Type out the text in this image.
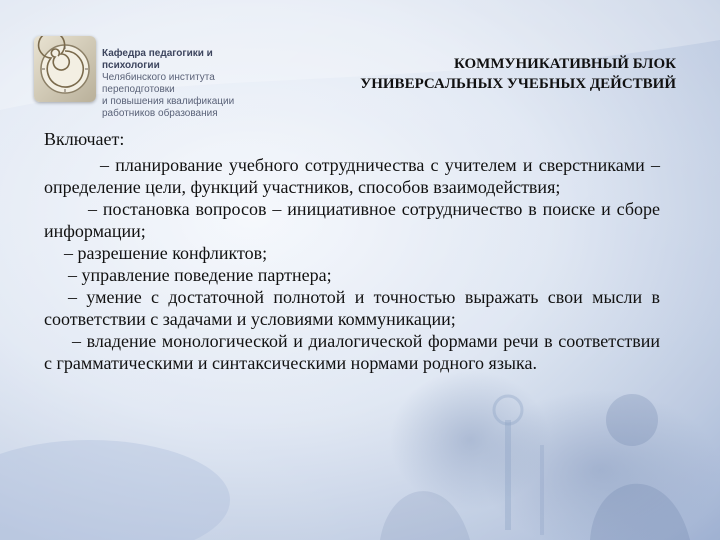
Кафедра педагогики и психологии
Челябинского института переподготовки
и повышения квалификации
работников образования
КОММУНИКАТИВНЫЙ БЛОК
УНИВЕРСАЛЬНЫХ УЧЕБНЫХ ДЕЙСТВИЙ

Включает:

– планирование учебного сотрудничества с учителем и сверстниками – определение цели, функций участников, способов взаимодействия;

– постановка вопросов – инициативное сотрудничество в поиске и сборе информации;

– разрешение конфликтов;

– управление поведение партнера;

– умение с достаточной полнотой и точностью выражать свои мысли в соответствии с задачами и условиями коммуникации;

– владение монологической и диалогической формами речи в соответствии с грамматическими и синтаксическими нормами родного языка.
